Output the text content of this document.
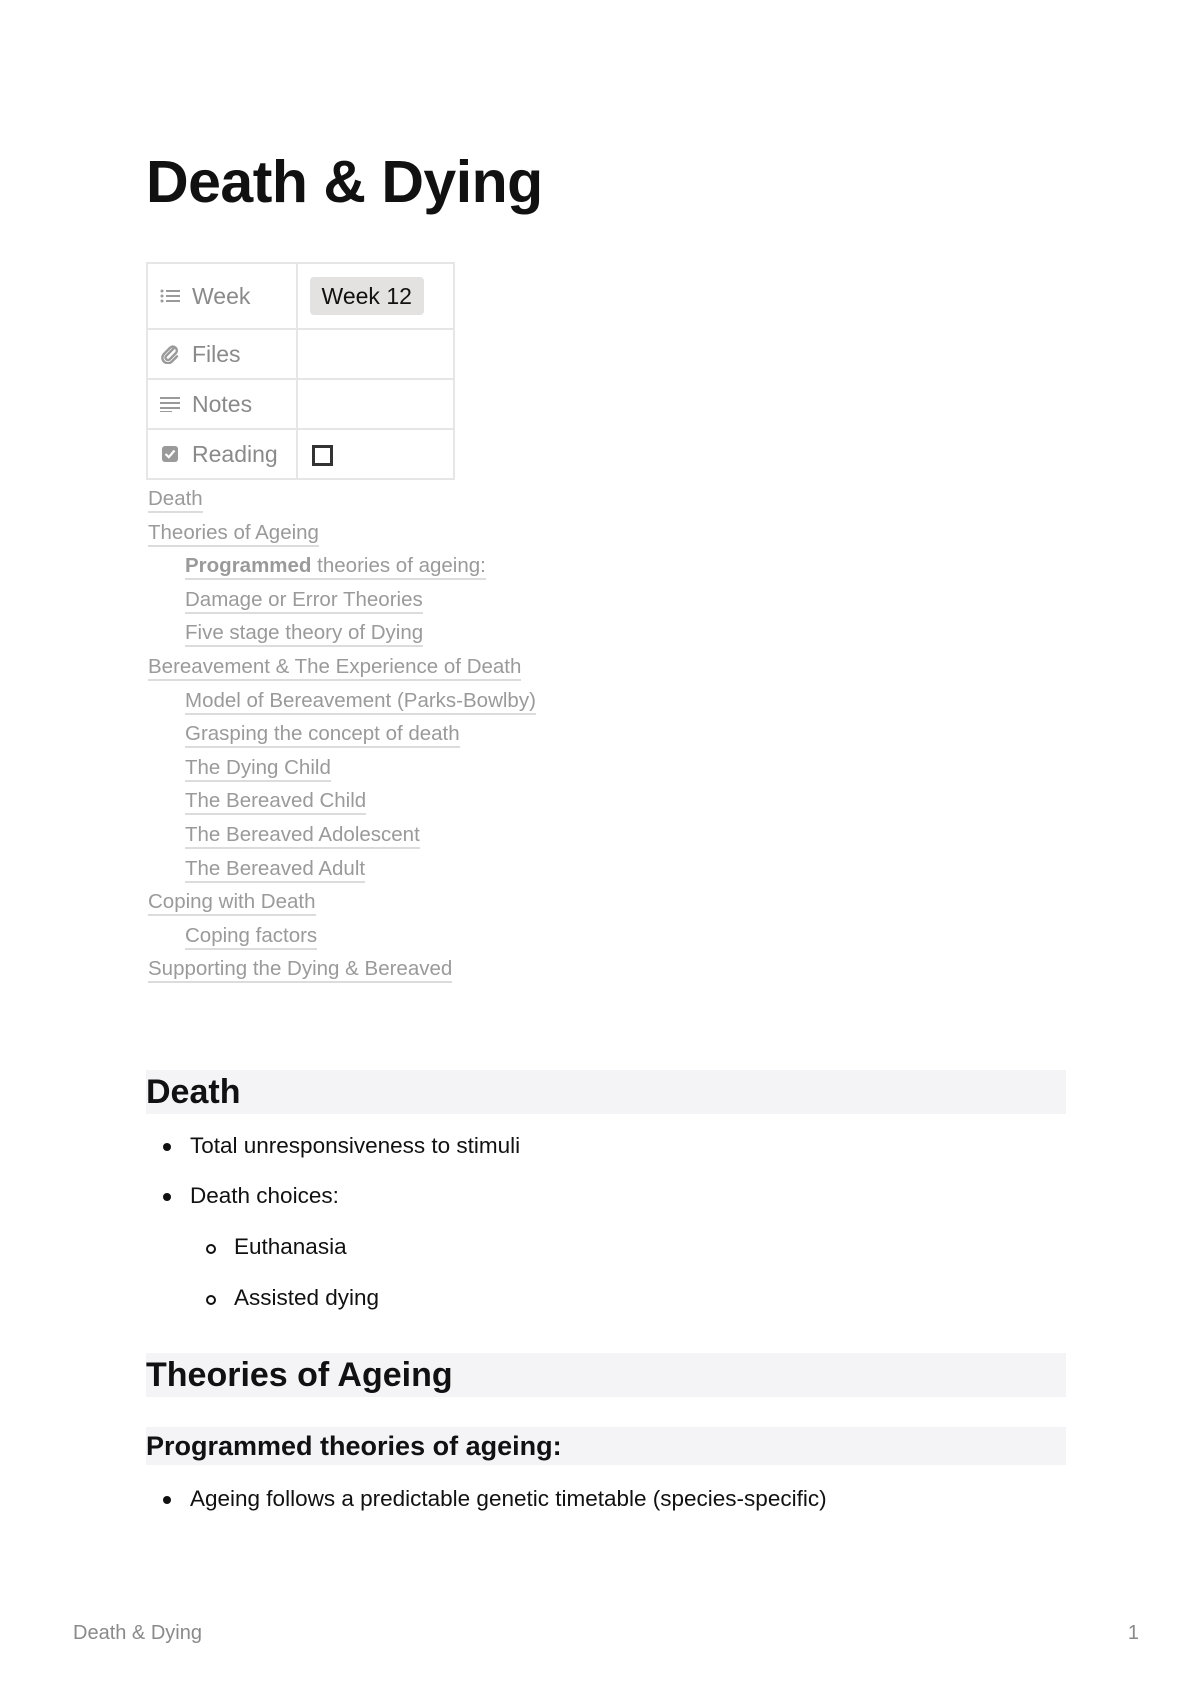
Death & Dying
Week	Week 12

Files	

Notes	

Reading	

Death
Theories of Ageing
Programmed theories of ageing:
Damage or Error Theories
Five stage theory of Dying
Bereavement & The Experience of Death
Model of Bereavement (Parks-Bowlby)
Grasping the concept of death
The Dying Child
The Bereaved Child
The Bereaved Adolescent
The Bereaved Adult
Coping with Death
Coping factors
Supporting the Dying & Bereaved
Death
Total unresponsiveness to stimuli
Death choices:
Euthanasia
Assisted dying
Theories of Ageing
Programmed theories of ageing:
Ageing follows a predictable genetic timetable (species-specific)
Death & Dying	1
